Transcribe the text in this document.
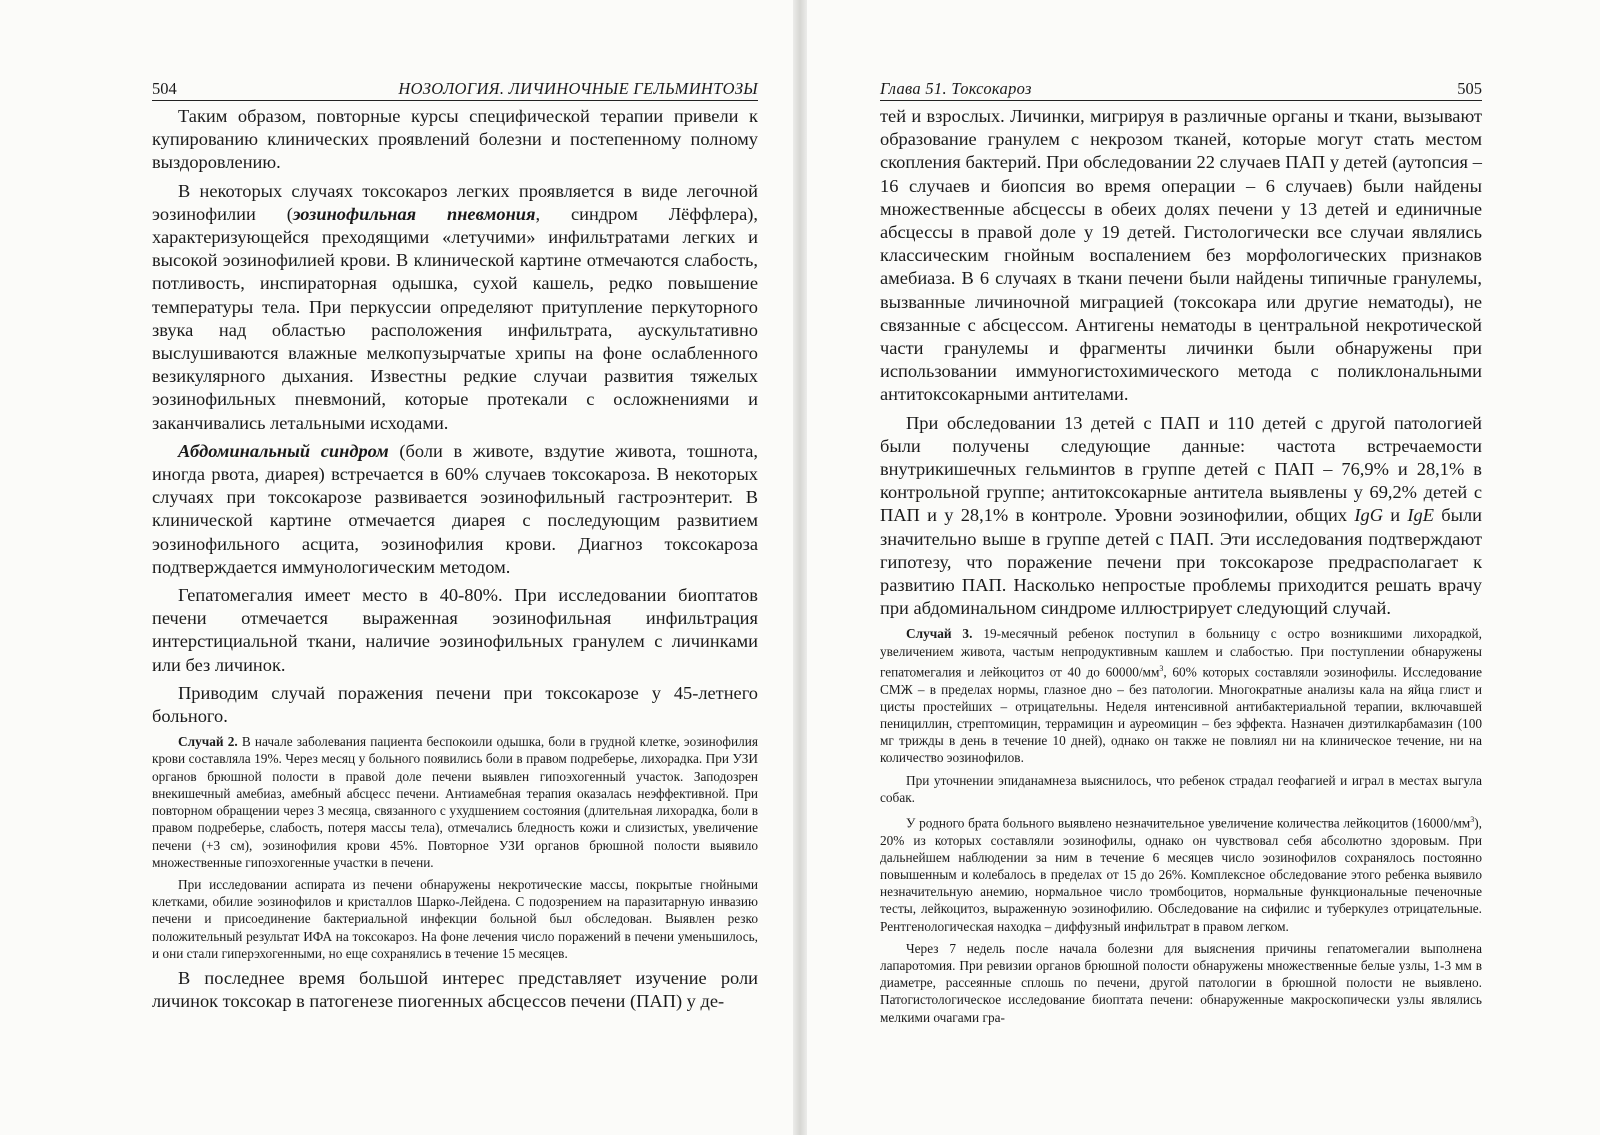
504	НОЗОЛОГИЯ. ЛИЧИНОЧНЫЕ ГЕЛЬМИНТОЗЫ

Таким образом, повторные курсы специфической терапии привели к купированию клинических проявлений болезни и постепенному полному выздоровлению.

В некоторых случаях токсокароз легких проявляется в виде легочной эозинофилии (эозинофильная пневмония, синдром Лёффлера), характеризующейся преходящими «летучими» инфильтратами легких и высокой эозинофилией крови. В клинической картине отмечаются слабость, потливость, инспираторная одышка, сухой кашель, редко повышение температуры тела. При перкуссии определяют притупление перкуторного звука над областью расположения инфильтрата, аускультативно выслушиваются влажные мелкопузырчатые хрипы на фоне ослабленного везикулярного дыхания. Известны редкие случаи развития тяжелых эозинофильных пневмоний, которые протекали с осложнениями и заканчивались летальными исходами.

Абдоминальный синдром (боли в животе, вздутие живота, тошнота, иногда рвота, диарея) встречается в 60% случаев токсокароза. В некоторых случаях при токсокарозе развивается эозинофильный гастроэнтерит. В клинической картине отмечается диарея с последующим развитием эозинофильного асцита, эозинофилия крови. Диагноз токсокароза подтверждается иммунологическим методом.

Гепатомегалия имеет место в 40-80%. При исследовании биоптатов печени отмечается выраженная эозинофильная инфильтрация интерстициальной ткани, наличие эозинофильных гранулем с личинками или без личинок.

Приводим случай поражения печени при токсокарозе у 45-летнего больного.

Случай 2. В начале заболевания пациента беспокоили одышка, боли в грудной клетке, эозинофилия крови составляла 19%. Через месяц у больного появились боли в правом подреберье, лихорадка. При УЗИ органов брюшной полости в правой доле печени выявлен гипоэхогенный участок. Заподозрен внекишечный амебиаз, амебный абсцесс печени. Антиамебная терапия оказалась неэффективной. При повторном обращении через 3 месяца, связанного с ухудшением состояния (длительная лихорадка, боли в правом подреберье, слабость, потеря массы тела), отмечались бледность кожи и слизистых, увеличение печени (+3 см), эозинофилия крови 45%. Повторное УЗИ органов брюшной полости выявило множественные гипоэхогенные участки в печени.

При исследовании аспирата из печени обнаружены некротические массы, покрытые гнойными клетками, обилие эозинофилов и кристаллов Шарко-Лейдена. С подозрением на паразитарную инвазию печени и присоединение бактериальной инфекции больной был обследован. Выявлен резко положительный результат ИФА на токсокароз. На фоне лечения число поражений в печени уменьшилось, и они стали гиперэхогенными, но еще сохранялись в течение 15 месяцев.

В последнее время большой интерес представляет изучение роли личинок токсокар в патогенезе пиогенных абсцессов печени (ПАП) у де-

Глава 51. Токсокароз	505

тей и взрослых. Личинки, мигрируя в различные органы и ткани, вызывают образование гранулем с некрозом тканей, которые могут стать местом скопления бактерий. При обследовании 22 случаев ПАП у детей (аутопсия – 16 случаев и биопсия во время операции – 6 случаев) были найдены множественные абсцессы в обеих долях печени у 13 детей и единичные абсцессы в правой доле у 19 детей. Гистологически все случаи являлись классическим гнойным воспалением без морфологических признаков амебиаза. В 6 случаях в ткани печени были найдены типичные гранулемы, вызванные личиночной миграцией (токсокара или другие нематоды), не связанные с абсцессом. Антигены нематоды в центральной некротической части гранулемы и фрагменты личинки были обнаружены при использовании иммуногистохимического метода с поликлональными антитоксокарными антителами.

При обследовании 13 детей с ПАП и 110 детей с другой патологией были получены следующие данные: частота встречаемости внутрикишечных гельминтов в группе детей с ПАП – 76,9% и 28,1% в контрольной группе; антитоксокарные антитела выявлены у 69,2% детей с ПАП и у 28,1% в контроле. Уровни эозинофилии, общих IgG и IgE были значительно выше в группе детей с ПАП. Эти исследования подтверждают гипотезу, что поражение печени при токсокарозе предрасполагает к развитию ПАП. Насколько непростые проблемы приходится решать врачу при абдоминальном синдроме иллюстрирует следующий случай.

Случай 3. 19-месячный ребенок поступил в больницу с остро возникшими лихорадкой, увеличением живота, частым непродуктивным кашлем и слабостью. При поступлении обнаружены гепатомегалия и лейкоцитоз от 40 до $60000/мм^3$, 60% которых составляли эозинофилы. Исследование СМЖ – в пределах нормы, глазное дно – без патологии. Многократные анализы кала на яйца глист и цисты простейших – отрицательны. Неделя интенсивной антибактериальной терапии, включавшей пенициллин, стрептомицин, террамицин и ауреомицин – без эффекта. Назначен диэтилкарбамазин (100 мг трижды в день в течение 10 дней), однако он также не повлиял ни на клиническое течение, ни на количество эозинофилов.

При уточнении эпиданамнеза выяснилось, что ребенок страдал геофагией и играл в местах выгула собак.

У родного брата больного выявлено незначительное увеличение количества лейкоцитов $(16000/мм^3)$, 20% из которых составляли эозинофилы, однако он чувствовал себя абсолютно здоровым. При дальнейшем наблюдении за ним в течение 6 месяцев число эозинофилов сохранялось постоянно повышенным и колебалось в пределах от 15 до 26%. Комплексное обследование этого ребенка выявило незначительную анемию, нормальное число тромбоцитов, нормальные функциональные печеночные тесты, лейкоцитоз, выраженную эозинофилию. Обследование на сифилис и туберкулез отрицательные. Рентгенологическая находка – диффузный инфильтрат в правом легком.

Через 7 недель после начала болезни для выяснения причины гепатомегалии выполнена лапаротомия. При ревизии органов брюшной полости обнаружены множественные белые узлы, 1-3 мм в диаметре, рассеянные сплошь по печени, другой патологии в брюшной полости не выявлено. Патогистологическое исследование биоптата печени: обнаруженные макроскопически узлы являлись мелкими очагами гра-
